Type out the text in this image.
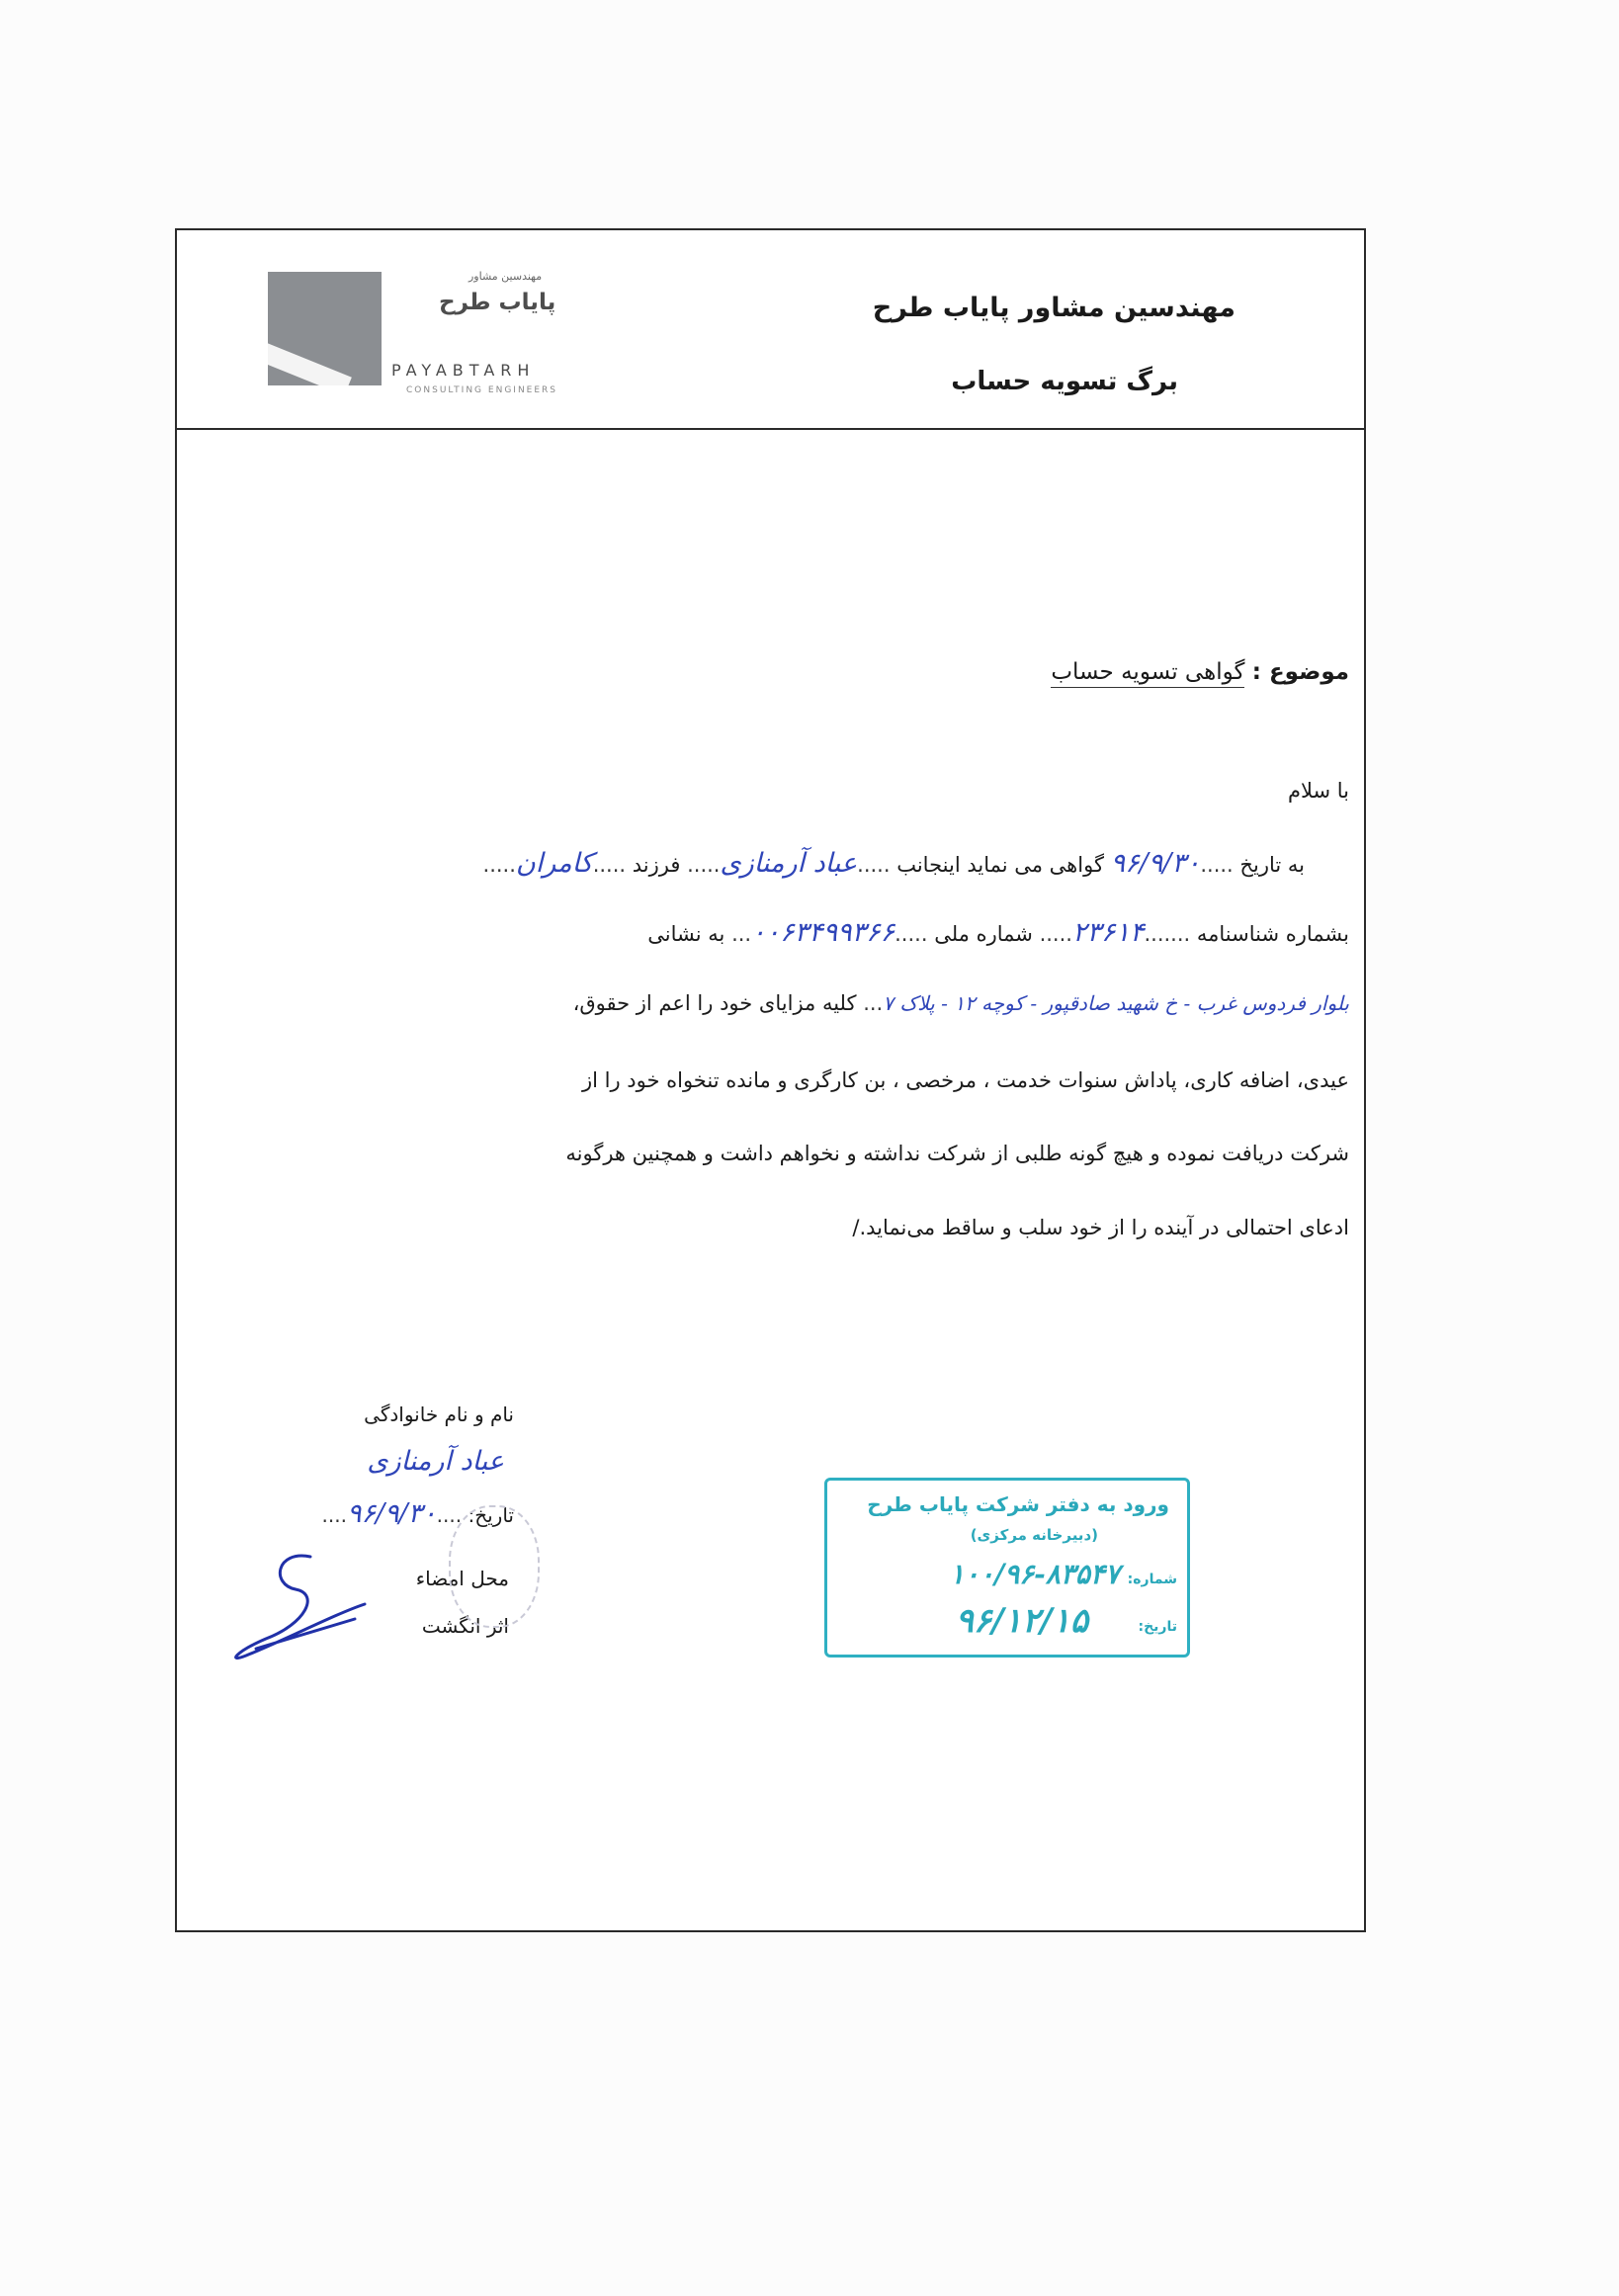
مهندسین مشاور
پایاب طرح
PAYABTARH
CONSULTING ENGINEERS
مهندسین مشاور پایاب طرح
برگ تسویه حساب
موضوع : گواهی تسویه حساب
با سلام
به تاریخ .....۹۶/۹/۳۰ گواهی می نماید اینجانب .....عباد آرمنازی..... فرزند .....کامران.....
بشماره شناسنامه .......۲۳۶۱۴..... شماره ملی .....۰۰۶۳۴۹۹۳۶۶... به نشانی
بلوار فردوس غرب - خ شهید صادقپور - کوچه ۱۲ - پلاک ۷... کلیه مزایای خود را اعم از حقوق،
عیدی، اضافه کاری، پاداش سنوات خدمت ، مرخصی ، بن کارگری و مانده تنخواه خود را از
شرکت دریافت نموده و هیچ گونه طلبی از شرکت نداشته و نخواهم داشت و همچنین هرگونه
ادعای احتمالی در آینده را از خود سلب و ساقط می‌نماید./
نام و نام خانوادگی
عباد آرمنازی
تاریخ: ....۹۶/۹/۳۰....
محل امضاء
اثر انگشت
ورود به دفتر شرکت پایاب طرح
(دبیرخانه مرکزی)
شماره:
۱۰۰/۹۶-۸۳۵۴۷
تاریخ:
۹۶/۱۲/۱۵
